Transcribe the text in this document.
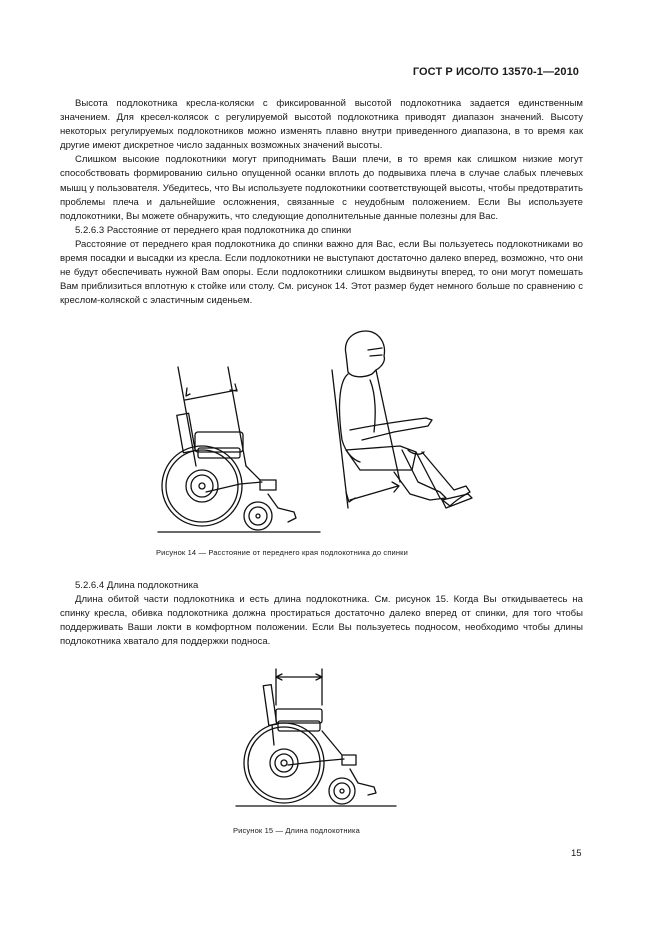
ГОСТ Р ИСО/ТО 13570-1—2010

Высота подлокотника кресла-коляски с фиксированной высотой подлокотника задается единственным значением. Для кресел-колясок с регулируемой высотой подлокотника приводят диапазон значений. Высоту некоторых регулируемых подлокотников можно изменять плавно внутри приведенного диапазона, в то время как другие имеют дискретное число заданных возможных значений высоты.

Слишком высокие подлокотники могут приподнимать Ваши плечи, в то время как слишком низкие могут способствовать формированию сильно опущенной осанки вплоть до подвывиха плеча в случае слабых плечевых мышц у пользователя. Убедитесь, что Вы используете подлокотники соответствующей высоты, чтобы предотвратить проблемы плеча и дальнейшие осложнения, связанные с неудобным положением. Если Вы используете подлокотники, Вы можете обнаружить, что следующие дополнительные данные полезны для Вас.

5.2.6.3 Расстояние от переднего края подлокотника до спинки

Расстояние от переднего края подлокотника до спинки важно для Вас, если Вы пользуетесь подлокотниками во время посадки и высадки из кресла. Если подлокотники не выступают достаточно далеко вперед, возможно, что они не будут обеспечивать нужной Вам опоры. Если подлокотники слишком выдвинуты вперед, то они могут помешать Вам приблизиться вплотную к стойке или столу. См. рисунок 14. Этот размер будет немного больше по сравнению с креслом-коляской с эластичным сиденьем.

Рисунок 14 — Расстояние от переднего края подлокотника до спинки

5.2.6.4 Длина подлокотника

Длина обитой части подлокотника и есть длина подлокотника. См. рисунок 15. Когда Вы откидываетесь на спинку кресла, обивка подлокотника должна простираться достаточно далеко вперед от спинки, для того чтобы поддерживать Ваши локти в комфортном положении. Если Вы пользуетесь подносом, необходимо чтобы длины подлокотника хватало для поддержки подноса.

Рисунок 15 — Длина подлокотника
15
